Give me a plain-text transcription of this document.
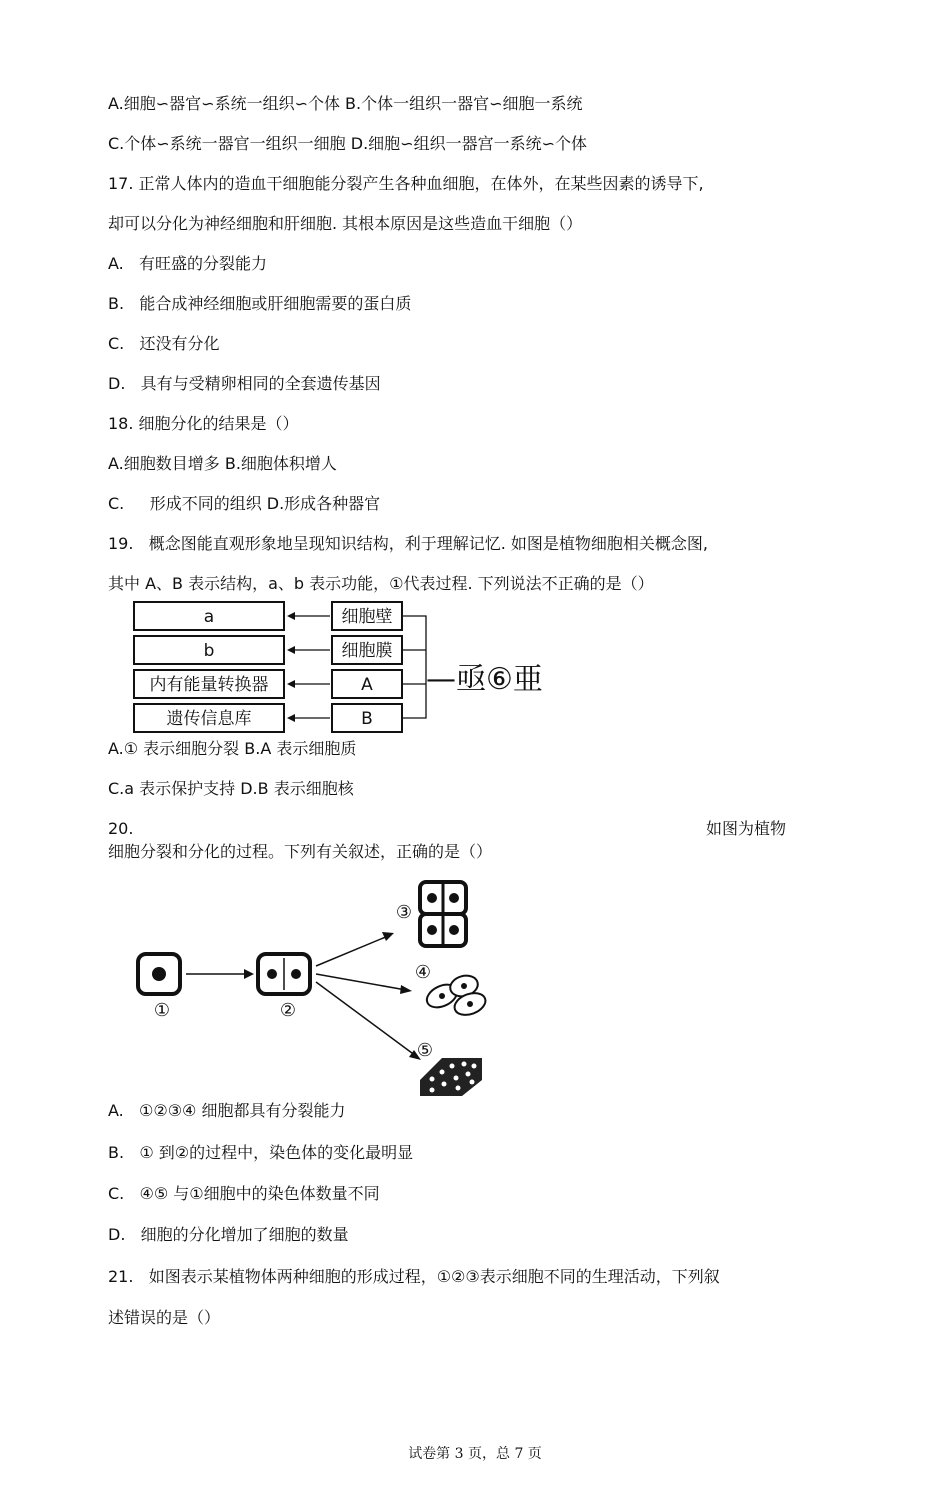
A.细胞∽器官∽系统一组织∽个体 B.个体一组织一器官∽细胞一系统
C.个体∽系统一器官一组织一细胞 D.细胞∽组织一器宫一系统∽个体
17. 正常人体内的造血干细胞能分裂产生各种血细胞，在体外，在某些因素的诱导下,
却可以分化为神经细胞和肝细胞. 其根本原因是这些造血干细胞（）
A.   有旺盛的分裂能力
B.   能合成神经细胞或肝细胞需要的蛋白质
C.   还没有分化
D.   具有与受精卵相同的全套遗传基因
18. 细胞分化的结果是（）
A.细胞数目增多 B.细胞体积增人
C.     形成不同的组织 D.形成各种器官
19.   概念图能直观形象地呈现知识结构，利于理解记忆. 如图是植物细胞相关概念图,
其中 A、B 表示结构，a、b 表示功能，①代表过程. 下列说法不正确的是（）
a
b
内有能量转换器
遗传信息库
细胞壁
细胞膜
A
B
—亟⑥亜
A.① 表示细胞分裂 B.A 表示细胞质
C.a 表示保护支持 D.B 表示细胞核
20.	如图为植物
细胞分裂和分化的过程。下列有关叙述，正确的是（）
①	②
③
④
⑤
A.   ①②③④ 细胞都具有分裂能力
B.   ① 到②的过程中，染色体的变化最明显
C.   ④⑤ 与①细胞中的染色体数量不同
D.   细胞的分化增加了细胞的数量
21.   如图表示某植物体两种细胞的形成过程，①②③表示细胞不同的生理活动，下列叙
述错误的是（）
试卷第 3 页，总 7 页
